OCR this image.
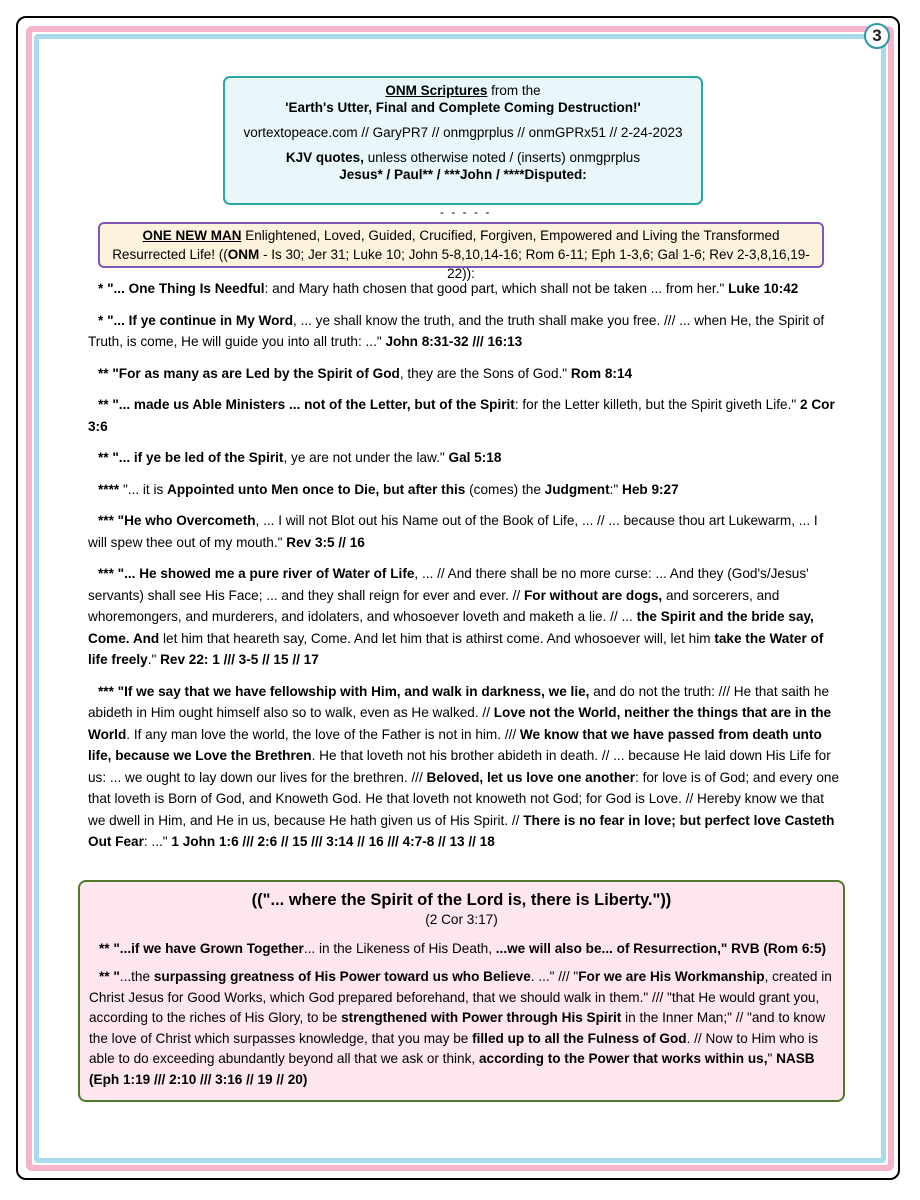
3

ONM Scriptures from the

'Earth's Utter, Final and Complete Coming Destruction!'

vortextopeace.com // GaryPR7 // onmgprplus // onmGPRx51 // 2-24-2023

KJV quotes, unless otherwise noted / (inserts) onmgprplus

Jesus* / Paul** / ***John / ****Disputed:

- - - - -
ONE NEW MAN Enlightened, Loved, Guided, Crucified, Forgiven, Empowered and Living the Transformed Resurrected Life! ((ONM - Is 30; Jer 31; Luke 10; John 5-8,10,14-16; Rom 6-11; Eph 1-3,6; Gal 1-6; Rev 2-3,8,16,19-22)):

* "... One Thing Is Needful: and Mary hath chosen that good part, which shall not be taken ... from her." Luke 10:42

* "... If ye continue in My Word, ... ye shall know the truth, and the truth shall make you free. /// ... when He, the Spirit of Truth, is come, He will guide you into all truth: ..." John 8:31-32 /// 16:13

** "For as many as are Led by the Spirit of God, they are the Sons of God." Rom 8:14

** "... made us Able Ministers ... not of the Letter, but of the Spirit: for the Letter killeth, but the Spirit giveth Life." 2 Cor 3:6

** "... if ye be led of the Spirit, ye are not under the law." Gal 5:18

**** "... it is Appointed unto Men once to Die, but after this (comes) the Judgment:" Heb 9:27

*** "He who Overcometh, ... I will not Blot out his Name out of the Book of Life, ... // ... because thou art Lukewarm, ... I will spew thee out of my mouth." Rev 3:5 // 16

*** "... He showed me a pure river of Water of Life, ... // And there shall be no more curse: ... And they (God's/Jesus' servants) shall see His Face; ... and they shall reign for ever and ever. // For without are dogs, and sorcerers, and whoremongers, and murderers, and idolaters, and whosoever loveth and maketh a lie. // ... the Spirit and the bride say, Come. And let him that heareth say, Come. And let him that is athirst come. And whosoever will, let him take the Water of life freely." Rev 22: 1 /// 3-5 // 15 // 17

*** "If we say that we have fellowship with Him, and walk in darkness, we lie, and do not the truth: /// He that saith he abideth in Him ought himself also so to walk, even as He walked. // Love not the World, neither the things that are in the World. If any man love the world, the love of the Father is not in him. /// We know that we have passed from death unto life, because we Love the Brethren. He that loveth not his brother abideth in death. // ... because He laid down His Life for us: ... we ought to lay down our lives for the brethren. /// Beloved, let us love one another: for love is of God; and every one that loveth is Born of God, and Knoweth God. He that loveth not knoweth not God; for God is Love. // Hereby know we that we dwell in Him, and He in us, because He hath given us of His Spirit. // There is no fear in love; but perfect love Casteth Out Fear: ..." 1 John 1:6 /// 2:6 // 15 /// 3:14 // 16 /// 4:7-8 // 13 // 18

(("... where the Spirit of the Lord is, there is Liberty."))
(2 Cor 3:17)

** "...if we have Grown Together... in the Likeness of His Death, ...we will also be... of Resurrection," RVB (Rom 6:5)

** "...the surpassing greatness of His Power toward us who Believe. ..." /// "For we are His Workmanship, created in Christ Jesus for Good Works, which God prepared beforehand, that we should walk in them." /// "that He would grant you, according to the riches of His Glory, to be strengthened with Power through His Spirit in the Inner Man;" // "and to know the love of Christ which surpasses knowledge, that you may be filled up to all the Fulness of God. // Now to Him who is able to do exceeding abundantly beyond all that we ask or think, according to the Power that works within us," NASB (Eph 1:19 /// 2:10 /// 3:16 // 19 // 20)
